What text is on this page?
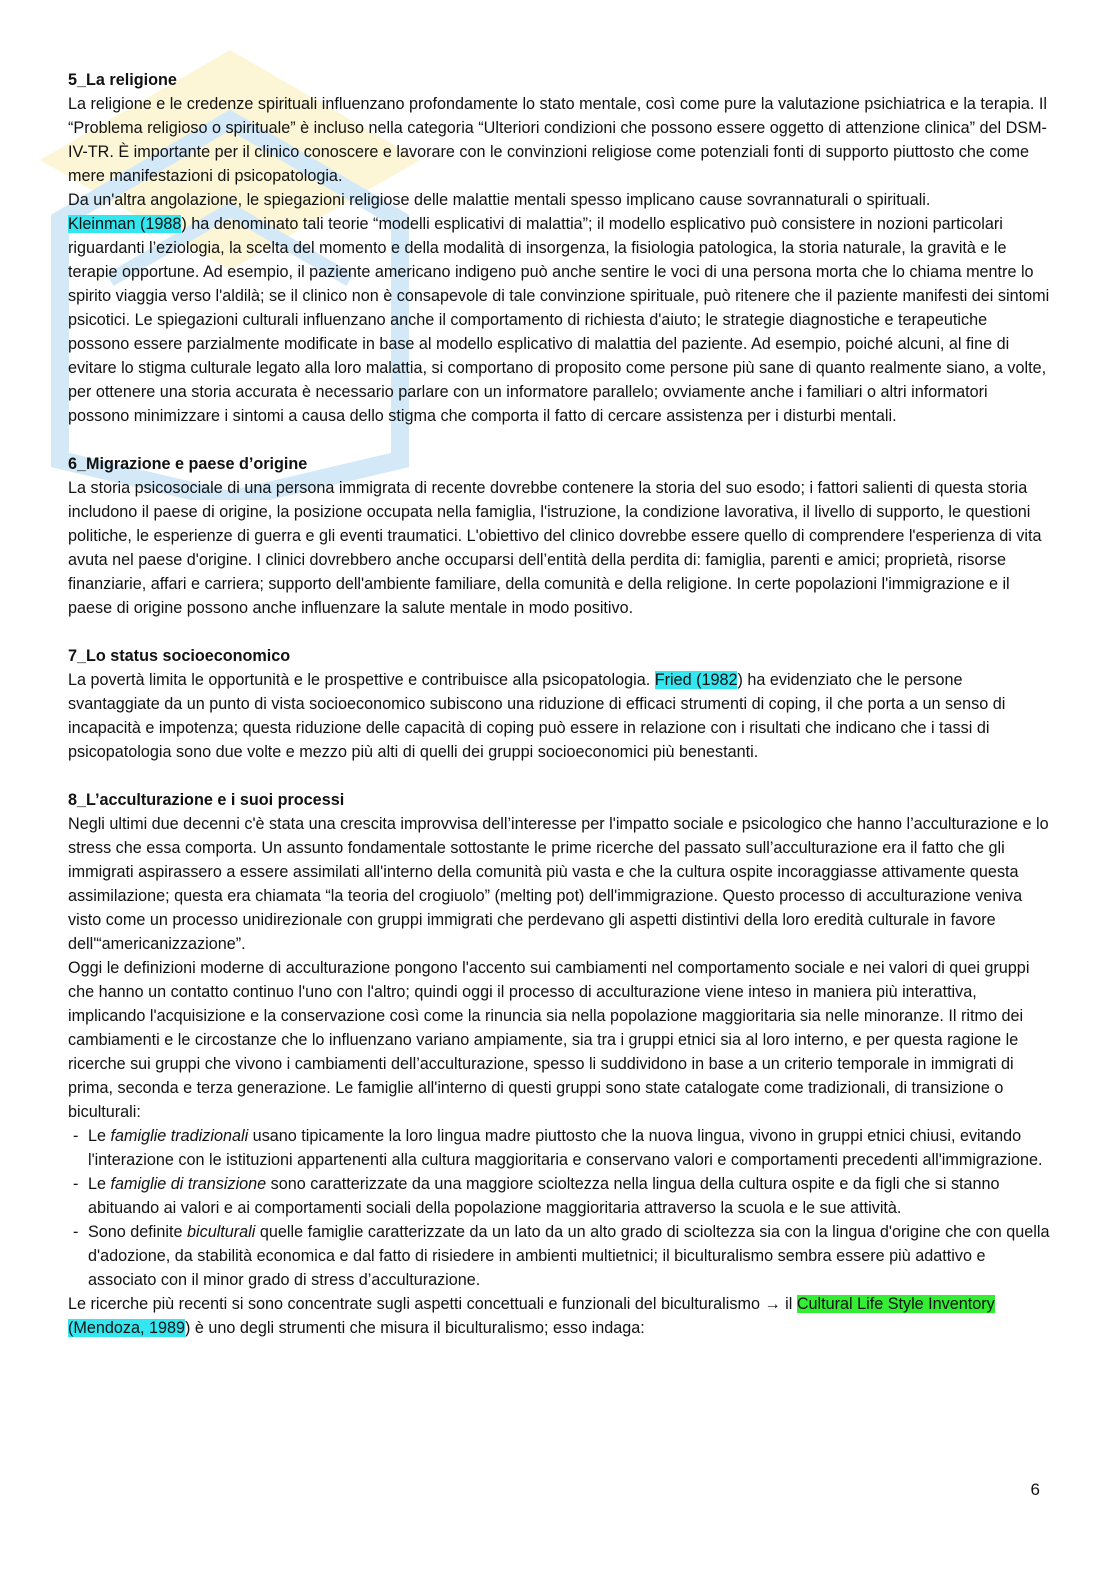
5_La religione

La religione e le credenze spirituali influenzano profondamente lo stato mentale, così come pure la valutazione psichiatrica e la terapia. Il “Problema religioso o spirituale” è incluso nella categoria “Ulteriori condizioni che possono essere oggetto di attenzione clinica” del DSM-IV-TR. È importante per il clinico conoscere e lavorare con le convinzioni religiose come potenziali fonti di supporto piuttosto che come mere manifestazioni di psicopatologia.

Da un'altra angolazione, le spiegazioni religiose delle malattie mentali spesso implicano cause sovrannaturali o spirituali.

Kleinman (1988) ha denominato tali teorie “modelli esplicativi di malattia”; il modello esplicativo può consistere in nozioni particolari riguardanti l’eziologia, la scelta del momento e della modalità di insorgenza, la fisiologia patologica, la storia naturale, la gravità e le terapie opportune. Ad esempio, il paziente americano indigeno può anche sentire le voci di una persona morta che lo chiama mentre lo spirito viaggia verso l'aldilà; se il clinico non è consapevole di tale convinzione spirituale, può ritenere che il paziente manifesti dei sintomi psicotici. Le spiegazioni culturali influenzano anche il comportamento di richiesta d'aiuto; le strategie diagnostiche e terapeutiche possono essere parzialmente modificate in base al modello esplicativo di malattia del paziente. Ad esempio, poiché alcuni, al fine di evitare lo stigma culturale legato alla loro malattia, si comportano di proposito come persone più sane di quanto realmente siano, a volte, per ottenere una storia accurata è necessario parlare con un informatore parallelo; ovviamente anche i familiari o altri informatori possono minimizzare i sintomi a causa dello stigma che comporta il fatto di cercare assistenza per i disturbi mentali.

6_Migrazione e paese d’origine

La storia psicosociale di una persona immigrata di recente dovrebbe contenere la storia del suo esodo; i fattori salienti di questa storia includono il paese di origine, la posizione occupata nella famiglia, l'istruzione, la condizione lavorativa, il livello di supporto, le questioni politiche, le esperienze di guerra e gli eventi traumatici. L'obiettivo del clinico dovrebbe essere quello di comprendere l'esperienza di vita avuta nel paese d'origine. I clinici dovrebbero anche occuparsi dell’entità della perdita di: famiglia, parenti e amici; proprietà, risorse finanziarie, affari e carriera; supporto dell'ambiente familiare, della comunità e della religione. In certe popolazioni l'immigrazione e il paese di origine possono anche influenzare la salute mentale in modo positivo.

7_Lo status socioeconomico

La povertà limita le opportunità e le prospettive e contribuisce alla psicopatologia. Fried (1982) ha evidenziato che le persone svantaggiate da un punto di vista socioeconomico subiscono una riduzione di efficaci strumenti di coping, il che porta a un senso di incapacità e impotenza; questa riduzione delle capacità di coping può essere in relazione con i risultati che indicano che i tassi di psicopatologia sono due volte e mezzo più alti di quelli dei gruppi socioeconomici più benestanti.

8_L’acculturazione e i suoi processi

Negli ultimi due decenni c'è stata una crescita improvvisa dell’interesse per l'impatto sociale e psicologico che hanno l’acculturazione e lo stress che essa comporta. Un assunto fondamentale sottostante le prime ricerche del passato sull’acculturazione era il fatto che gli immigrati aspirassero a essere assimilati all'interno della comunità più vasta e che la cultura ospite incoraggiasse attivamente questa assimilazione; questa era chiamata “la teoria del crogiuolo” (melting pot) dell'immigrazione. Questo processo di acculturazione veniva visto come un processo unidirezionale con gruppi immigrati che perdevano gli aspetti distintivi della loro eredità culturale in favore dell'“americanizzazione”.

Oggi le definizioni moderne di acculturazione pongono l'accento sui cambiamenti nel comportamento sociale e nei valori di quei gruppi che hanno un contatto continuo l'uno con l'altro; quindi oggi il processo di acculturazione viene inteso in maniera più interattiva, implicando l'acquisizione e la conservazione così come la rinuncia sia nella popolazione maggioritaria sia nelle minoranze. Il ritmo dei cambiamenti e le circostanze che lo influenzano variano ampiamente, sia tra i gruppi etnici sia al loro interno, e per questa ragione le ricerche sui gruppi che vivono i cambiamenti dell’acculturazione, spesso li suddividono in base a un criterio temporale in immigrati di prima, seconda e terza generazione. Le famiglie all'interno di questi gruppi sono state catalogate come tradizionali, di transizione o biculturali:

- Le famiglie tradizionali usano tipicamente la loro lingua madre piuttosto che la nuova lingua, vivono in gruppi etnici chiusi, evitando l'interazione con le istituzioni appartenenti alla cultura maggioritaria e conservano valori e comportamenti precedenti all'immigrazione.
- Le famiglie di transizione sono caratterizzate da una maggiore scioltezza nella lingua della cultura ospite e da figli che si stanno abituando ai valori e ai comportamenti sociali della popolazione maggioritaria attraverso la scuola e le sue attività.
- Sono definite biculturali quelle famiglie caratterizzate da un lato da un alto grado di scioltezza sia con la lingua d'origine che con quella d'adozione, da stabilità economica e dal fatto di risiedere in ambienti multietnici; il biculturalismo sembra essere più adattivo e associato con il minor grado di stress d’acculturazione.

Le ricerche più recenti si sono concentrate sugli aspetti concettuali e funzionali del biculturalismo → il Cultural Life Style Inventory (Mendoza, 1989) è uno degli strumenti che misura il biculturalismo; esso indaga:

6
